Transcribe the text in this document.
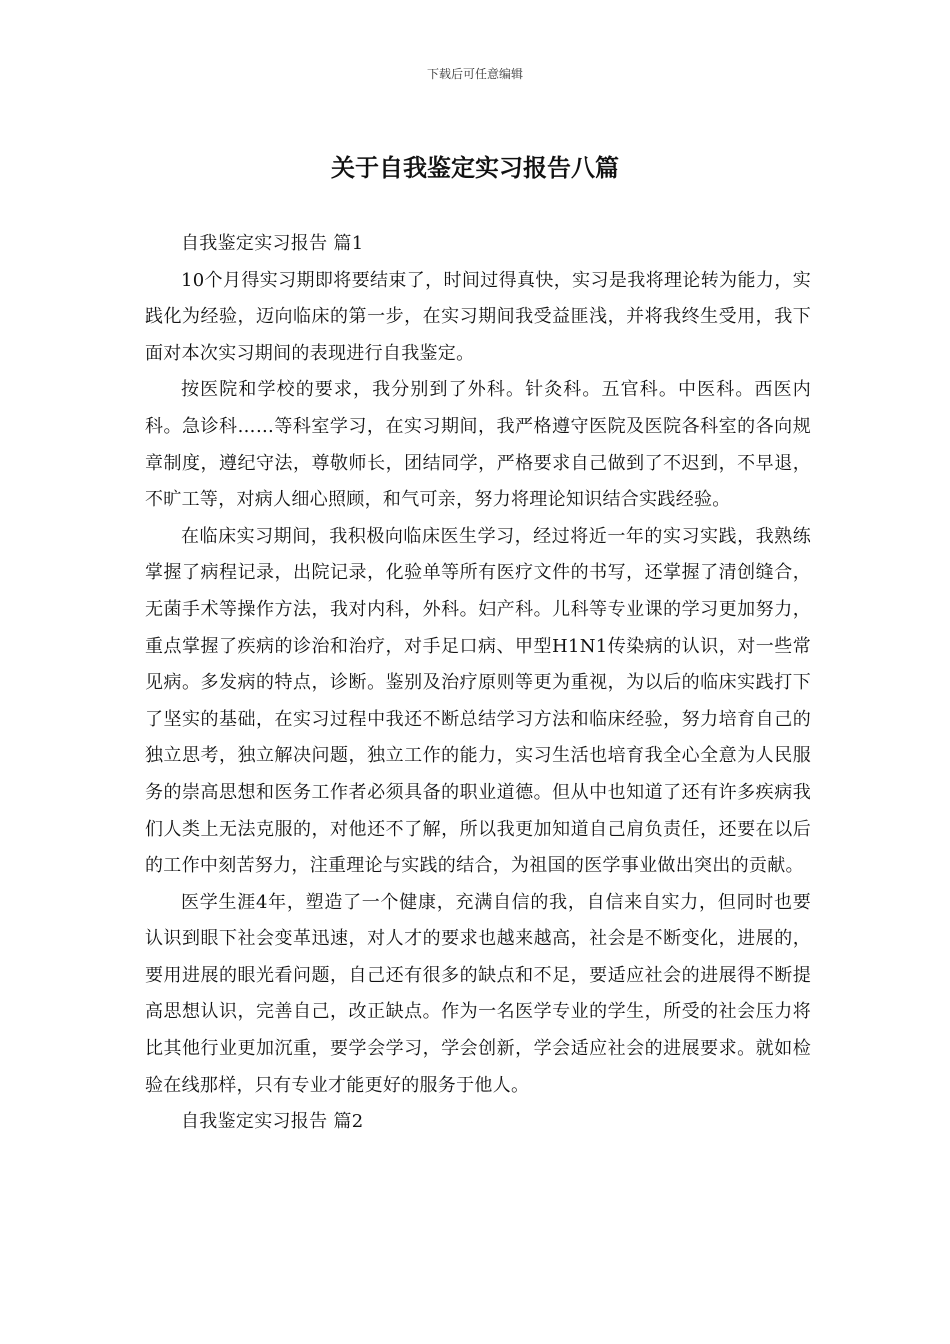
下载后可任意编辑
关于自我鉴定实习报告八篇

自我鉴定实习报告 篇1

10个月得实习期即将要结束了，时间过得真快，实习是我将理论转为能力，实践化为经验，迈向临床的第一步，在实习期间我受益匪浅，并将我终生受用，我下面对本次实习期间的表现进行自我鉴定。

按医院和学校的要求，我分别到了外科。针灸科。五官科。中医科。西医内科。急诊科……等科室学习，在实习期间，我严格遵守医院及医院各科室的各向规章制度，遵纪守法，尊敬师长，团结同学，严格要求自己做到了不迟到，不早退，不旷工等，对病人细心照顾，和气可亲，努力将理论知识结合实践经验。

在临床实习期间，我积极向临床医生学习，经过将近一年的实习实践，我熟练掌握了病程记录，出院记录，化验单等所有医疗文件的书写，还掌握了清创缝合，无菌手术等操作方法，我对内科，外科。妇产科。儿科等专业课的学习更加努力，重点掌握了疾病的诊治和治疗，对手足口病、甲型H1N1传染病的认识，对一些常见病。多发病的特点，诊断。鉴别及治疗原则等更为重视，为以后的临床实践打下了坚实的基础，在实习过程中我还不断总结学习方法和临床经验，努力培育自己的独立思考，独立解决问题，独立工作的能力，实习生活也培育我全心全意为人民服务的崇高思想和医务工作者必须具备的职业道德。但从中也知道了还有许多疾病我们人类上无法克服的，对他还不了解，所以我更加知道自己肩负责任，还要在以后的工作中刻苦努力，注重理论与实践的结合，为祖国的医学事业做出突出的贡献。

医学生涯4年，塑造了一个健康，充满自信的我，自信来自实力，但同时也要认识到眼下社会变革迅速，对人才的要求也越来越高，社会是不断变化，进展的，要用进展的眼光看问题，自己还有很多的缺点和不足，要适应社会的进展得不断提高思想认识，完善自己，改正缺点。作为一名医学专业的学生，所受的社会压力将比其他行业更加沉重，要学会学习，学会创新，学会适应社会的进展要求。就如检验在线那样，只有专业才能更好的服务于他人。

自我鉴定实习报告 篇2
